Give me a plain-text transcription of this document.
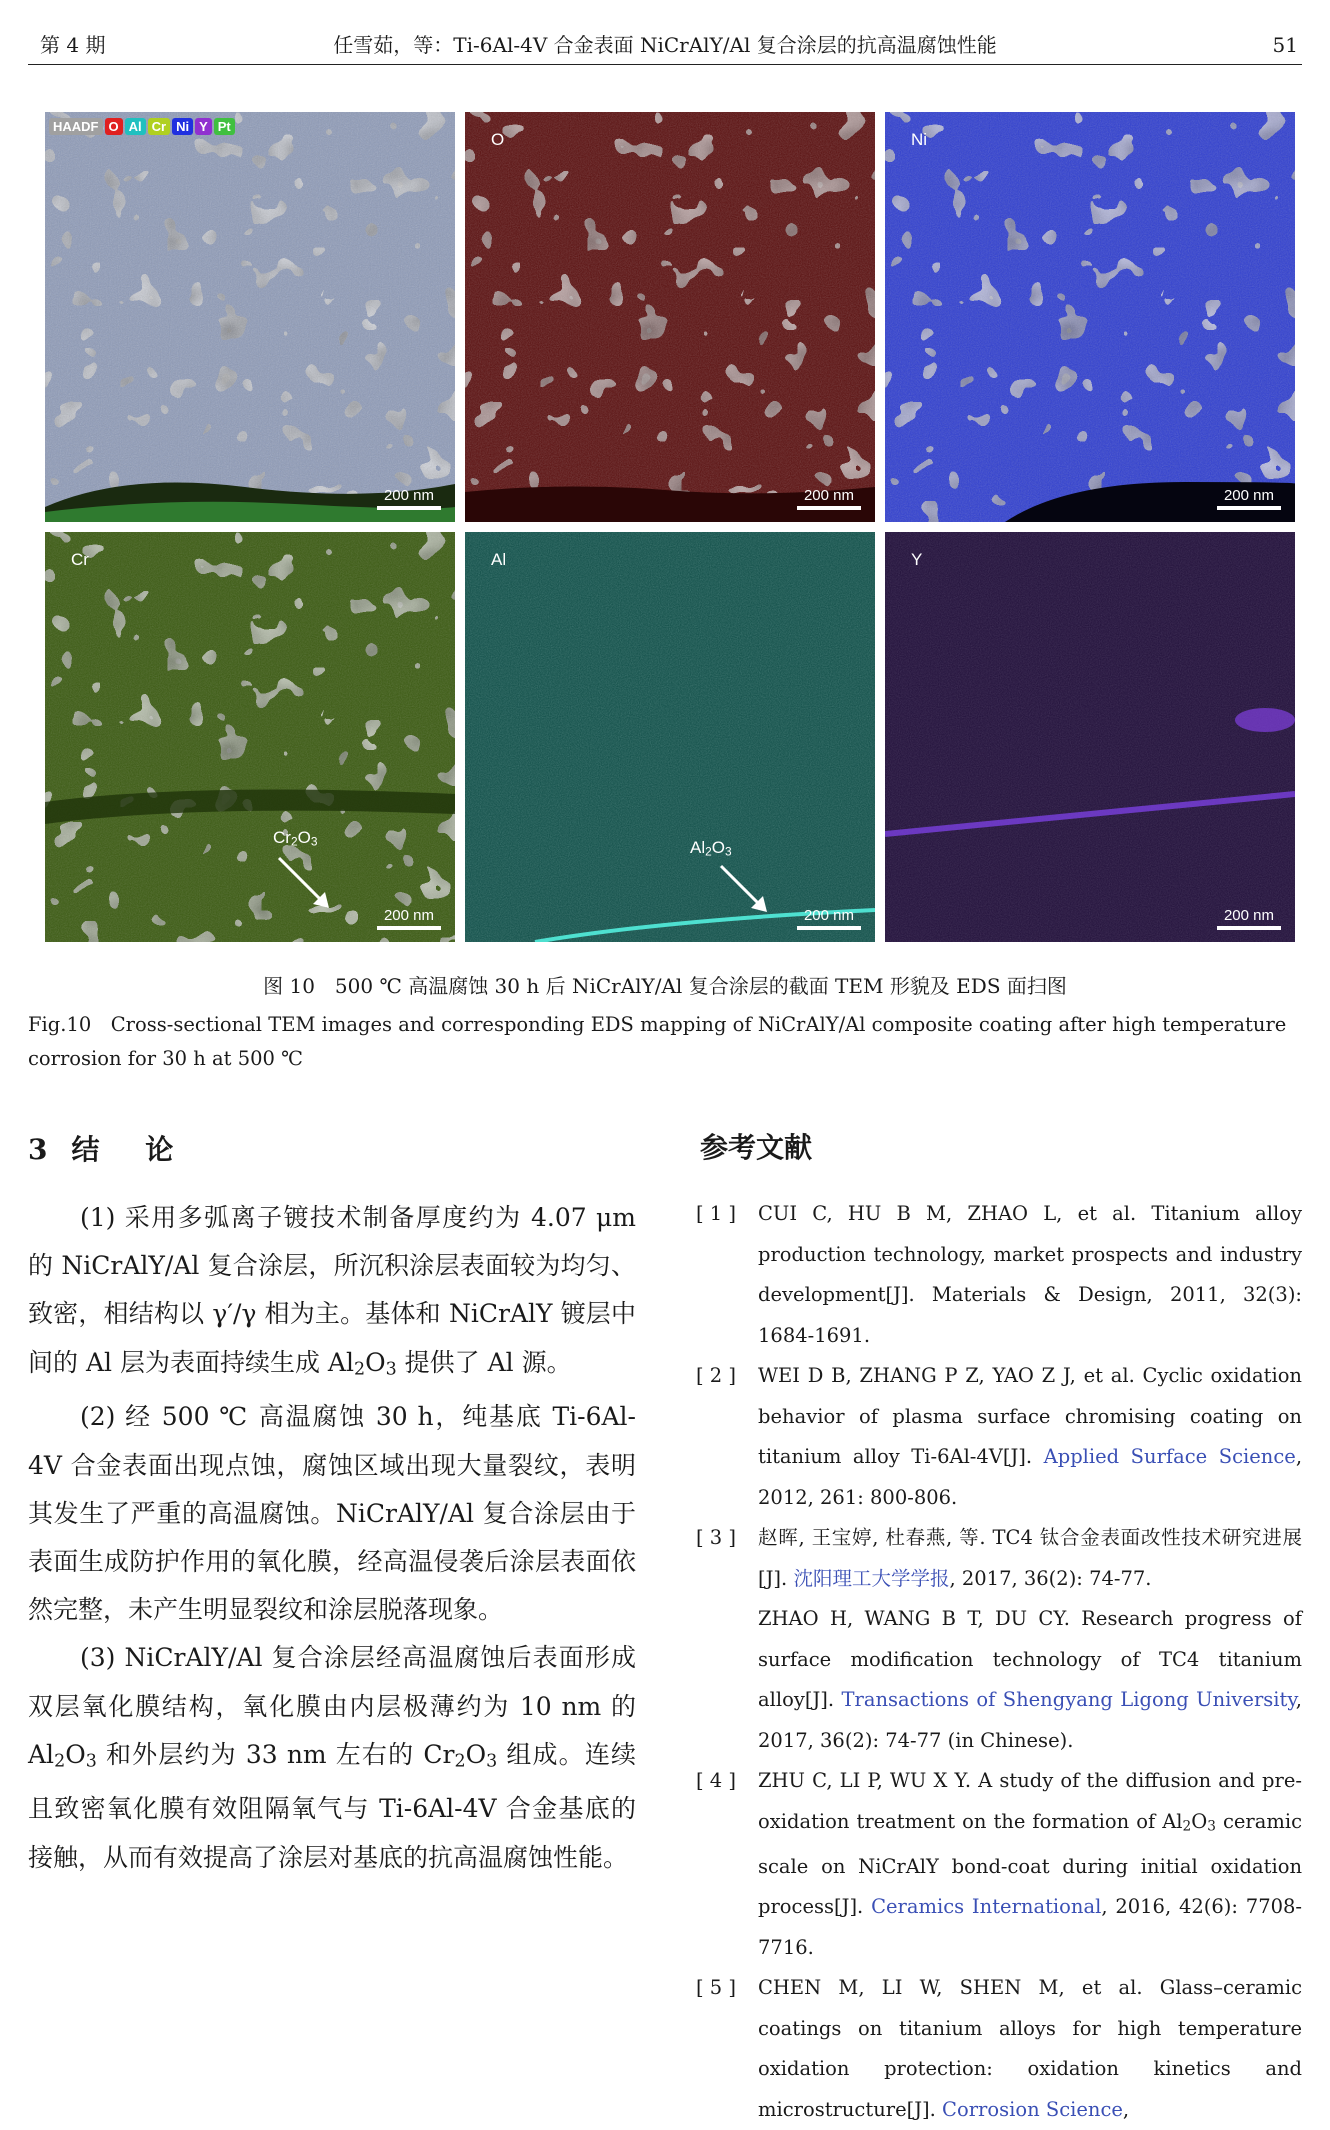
第 4 期	任雪茹，等：Ti-6Al-4V 合金表面 NiCrAlY/Al 复合涂层的抗高温腐蚀性能	51
HAADF O Al Cr Ni Y Pt
200 nm
O
200 nm
Ni
200 nm
Cr
Cr2O3
200 nm
Al
Al2O3
200 nm
Y
200 nm
图 10　500 ℃ 高温腐蚀 30 h 后 NiCrAlY/Al 复合涂层的截面 TEM 形貌及 EDS 面扫图
Fig.10　Cross-sectional TEM images and corresponding EDS mapping of NiCrAlY/Al composite coating after high temperature corrosion for 30 h at 500 ℃
3 结 论

(1) 采用多弧离子镀技术制备厚度约为 4.07 μm 的 NiCrAlY/Al 复合涂层，所沉积涂层表面较为均匀、致密，相结构以 γ′/γ 相为主。基体和 NiCrAlY 镀层中间的 Al 层为表面持续生成 $Al_2O_3$ 提供了 Al 源。

(2) 经 500 ℃ 高温腐蚀 30 h，纯基底 Ti-6Al-4V 合金表面出现点蚀，腐蚀区域出现大量裂纹，表明其发生了严重的高温腐蚀。NiCrAlY/Al 复合涂层由于表面生成防护作用的氧化膜，经高温侵袭后涂层表面依然完整，未产生明显裂纹和涂层脱落现象。

(3) NiCrAlY/Al 复合涂层经高温腐蚀后表面形成双层氧化膜结构，氧化膜由内层极薄约为 10 nm 的 $Al_2O_3$ 和外层约为 33 nm 左右的 $Cr_2O_3$ 组成。连续且致密氧化膜有效阻隔氧气与 Ti-6Al-4V 合金基底的接触，从而有效提高了涂层对基底的抗高温腐蚀性能。

参考文献
[ 1 ] CUI C, HU B M, ZHAO L, et al. Titanium alloy production technology, market prospects and industry development[J]. Materials & Design, 2011, 32(3): 1684-1691.
[ 2 ] WEI D B, ZHANG P Z, YAO Z J, et al. Cyclic oxidation behavior of plasma surface chromising coating on titanium alloy Ti-6Al-4V[J]. Applied Surface Science, 2012, 261: 800-806.
[ 3 ] 赵晖, 王宝婷, 杜春燕, 等. TC4 钛合金表面改性技术研究进展[J]. 沈阳理工大学学报, 2017, 36(2): 74-77.
ZHAO H, WANG B T, DU CY. Research progress of surface modification technology of TC4 titanium alloy[J]. Transactions of Shengyang Ligong University, 2017, 36(2): 74-77 (in Chinese).
[ 4 ] ZHU C, LI P, WU X Y. A study of the diffusion and pre-oxidation treatment on the formation of Al2O3 ceramic scale on NiCrAlY bond-coat during initial oxidation process[J]. Ceramics International, 2016, 42(6): 7708-7716.
[ 5 ] CHEN M, LI W, SHEN M, et al. Glass–ceramic coatings on titanium alloys for high temperature oxidation protection: oxidation kinetics and microstructure[J]. Corrosion Science,
